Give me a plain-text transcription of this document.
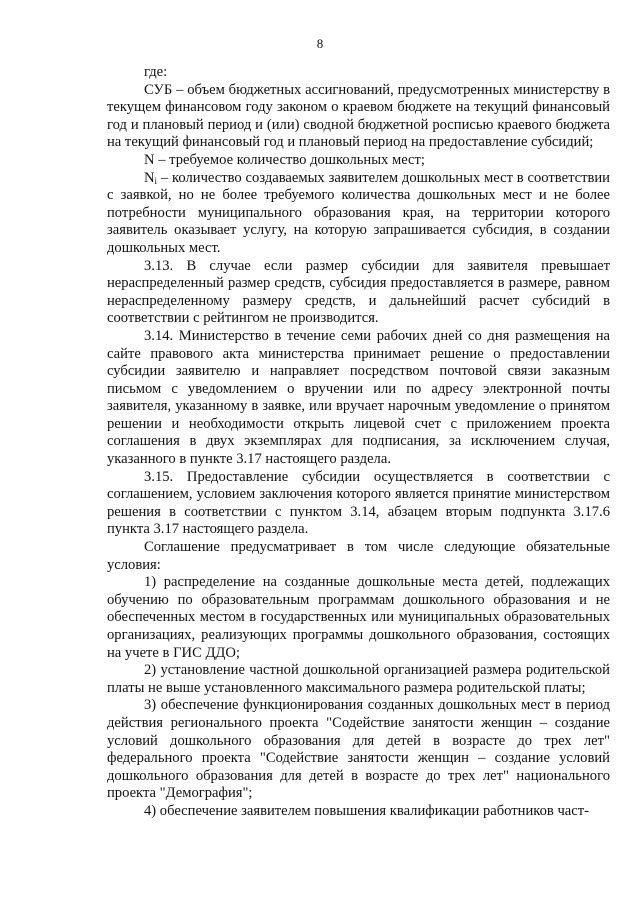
8

где:

СУБ – объем бюджетных ассигнований, предусмотренных министерству в текущем финансовом году законом о краевом бюджете на текущий финансовый год и плановый период и (или) сводной бюджетной росписью краевого бюджета на текущий финансовый год и плановый период на предоставление субсидий;

N – требуемое количество дошкольных мест;

$N_i$ – количество создаваемых заявителем дошкольных мест в соответствии с заявкой, но не более требуемого количества дошкольных мест и не более потребности муниципального образования края, на территории которого заявитель оказывает услугу, на которую запрашивается субсидия, в создании дошкольных мест.

3.13. В случае если размер субсидии для заявителя превышает нераспределенный размер средств, субсидия предоставляется в размере, равном нераспределенному размеру средств, и дальнейший расчет субсидий в соответствии с рейтингом не производится.

3.14. Министерство в течение семи рабочих дней со дня размещения на сайте правового акта министерства принимает решение о предоставлении субсидии заявителю и направляет посредством почтовой связи заказным письмом с уведомлением о вручении или по адресу электронной почты заявителя, указанному в заявке, или вручает нарочным уведомление о принятом решении и необходимости открыть лицевой счет с приложением проекта соглашения в двух экземплярах для подписания, за исключением случая, указанного в пункте 3.17 настоящего раздела.

3.15. Предоставление субсидии осуществляется в соответствии с соглашением, условием заключения которого является принятие министерством решения в соответствии с пунктом 3.14, абзацем вторым подпункта 3.17.6 пункта 3.17 настоящего раздела.

Соглашение предусматривает в том числе следующие обязательные условия:

1) распределение на созданные дошкольные места детей, подлежащих обучению по образовательным программам дошкольного образования и не обеспеченных местом в государственных или муниципальных образовательных организациях, реализующих программы дошкольного образования, состоящих на учете в ГИС ДДО;

2) установление частной дошкольной организацией размера родительской платы не выше установленного максимального размера родительской платы;

3) обеспечение функционирования созданных дошкольных мест в период действия регионального проекта "Содействие занятости женщин – создание условий дошкольного образования для детей в возрасте до трех лет" федерального проекта "Содействие занятости женщин – создание условий дошкольного образования для детей в возрасте до трех лет" национального проекта "Демография";

4) обеспечение заявителем повышения квалификации работников част-
